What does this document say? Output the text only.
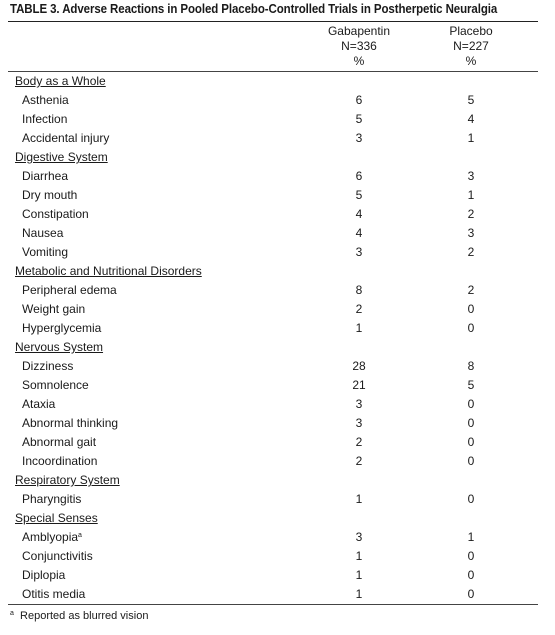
TABLE 3. Adverse Reactions in Pooled Placebo-Controlled Trials in Postherpetic Neuralgia
Gabapentin
N=336
%
Placebo
N=227
%
Body as a Whole
Asthenia	6	5
Infection	5	4
Accidental injury	3	1
Digestive System
Diarrhea	6	3
Dry mouth	5	1
Constipation	4	2
Nausea	4	3
Vomiting	3	2
Metabolic and Nutritional Disorders
Peripheral edema	8	2
Weight gain	2	0
Hyperglycemia	1	0
Nervous System
Dizziness	28	8
Somnolence	21	5
Ataxia	3	0
Abnormal thinking	3	0
Abnormal gait	2	0
Incoordination	2	0
Respiratory System
Pharyngitis	1	0
Special Senses
Amblyopia$^a$	3	1
Conjunctivitis	1	0
Diplopia	1	0
Otitis media	1	0
$^a$ Reported as blurred vision
